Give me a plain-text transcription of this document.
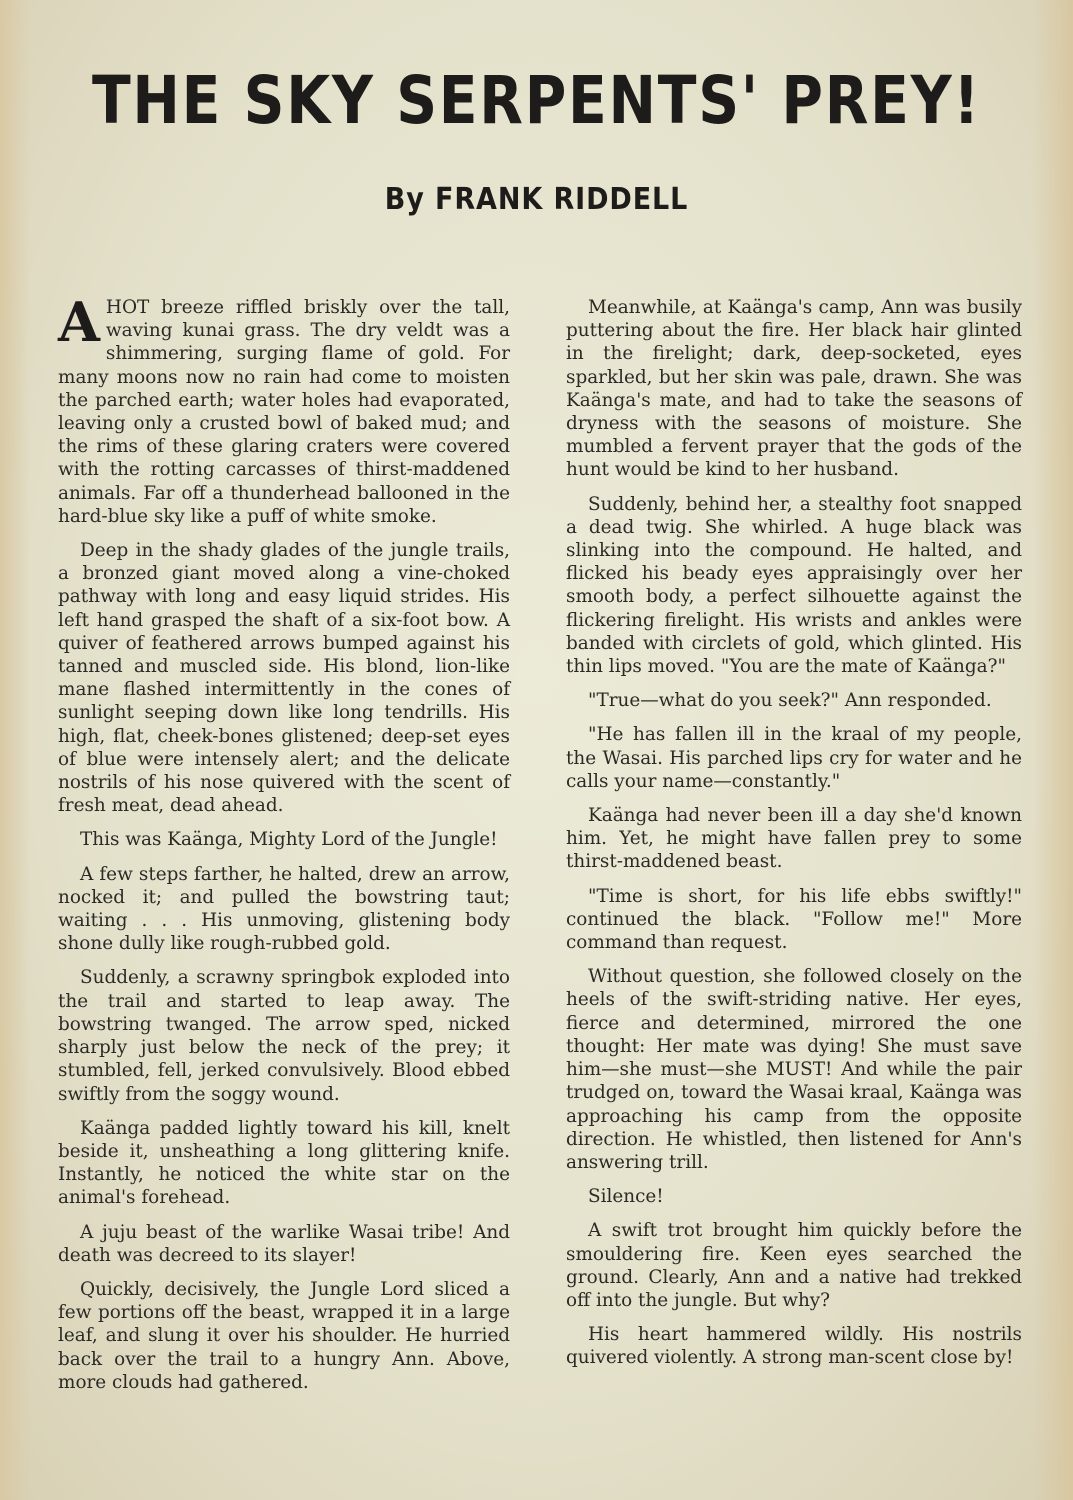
THE SKY SERPENTS' PREY!
By FRANK RIDDELL

A HOT breeze riffled briskly over the tall, waving kunai grass. The dry veldt was a shimmering, surging flame of gold. For many moons now no rain had come to moisten the parched earth; water holes had evaporated, leaving only a crusted bowl of baked mud; and the rims of these glaring craters were covered with the rotting carcasses of thirst-maddened animals. Far off a thunderhead ballooned in the hard-blue sky like a puff of white smoke.

Deep in the shady glades of the jungle trails, a bronzed giant moved along a vine-choked pathway with long and easy liquid strides. His left hand grasped the shaft of a six-foot bow. A quiver of feathered arrows bumped against his tanned and muscled side. His blond, lion-like mane flashed intermittently in the cones of sunlight seeping down like long tendrills. His high, flat, cheek-bones glistened; deep-set eyes of blue were intensely alert; and the delicate nostrils of his nose quivered with the scent of fresh meat, dead ahead.

This was Kaänga, Mighty Lord of the Jungle!

A few steps farther, he halted, drew an arrow, nocked it; and pulled the bowstring taut; waiting . . . His unmoving, glistening body shone dully like rough-rubbed gold.

Suddenly, a scrawny springbok exploded into the trail and started to leap away. The bowstring twanged. The arrow sped, nicked sharply just below the neck of the prey; it stumbled, fell, jerked convulsively. Blood ebbed swiftly from the soggy wound.

Kaänga padded lightly toward his kill, knelt beside it, unsheathing a long glittering knife. Instantly, he noticed the white star on the animal's forehead.

A juju beast of the warlike Wasai tribe! And death was decreed to its slayer!

Quickly, decisively, the Jungle Lord sliced a few portions off the beast, wrapped it in a large leaf, and slung it over his shoulder. He hurried back over the trail to a hungry Ann. Above, more clouds had gathered.

Meanwhile, at Kaänga's camp, Ann was busily puttering about the fire. Her black hair glinted in the firelight; dark, deep-socketed, eyes sparkled, but her skin was pale, drawn. She was Kaänga's mate, and had to take the seasons of dryness with the seasons of moisture. She mumbled a fervent prayer that the gods of the hunt would be kind to her husband.

Suddenly, behind her, a stealthy foot snapped a dead twig. She whirled. A huge black was slinking into the compound. He halted, and flicked his beady eyes appraisingly over her smooth body, a perfect silhouette against the flickering firelight. His wrists and ankles were banded with circlets of gold, which glinted. His thin lips moved. "You are the mate of Kaänga?"

"True—what do you seek?" Ann responded.

"He has fallen ill in the kraal of my people, the Wasai. His parched lips cry for water and he calls your name—constantly."

Kaänga had never been ill a day she'd known him. Yet, he might have fallen prey to some thirst-maddened beast.

"Time is short, for his life ebbs swiftly!" continued the black. "Follow me!" More command than request.

Without question, she followed closely on the heels of the swift-striding native. Her eyes, fierce and determined, mirrored the one thought: Her mate was dying! She must save him—she must—she MUST! And while the pair trudged on, toward the Wasai kraal, Kaänga was approaching his camp from the opposite direction. He whistled, then listened for Ann's answering trill.

Silence!

A swift trot brought him quickly before the smouldering fire. Keen eyes searched the ground. Clearly, Ann and a native had trekked off into the jungle. But why?

His heart hammered wildly. His nostrils quivered violently. A strong man-scent close by!
